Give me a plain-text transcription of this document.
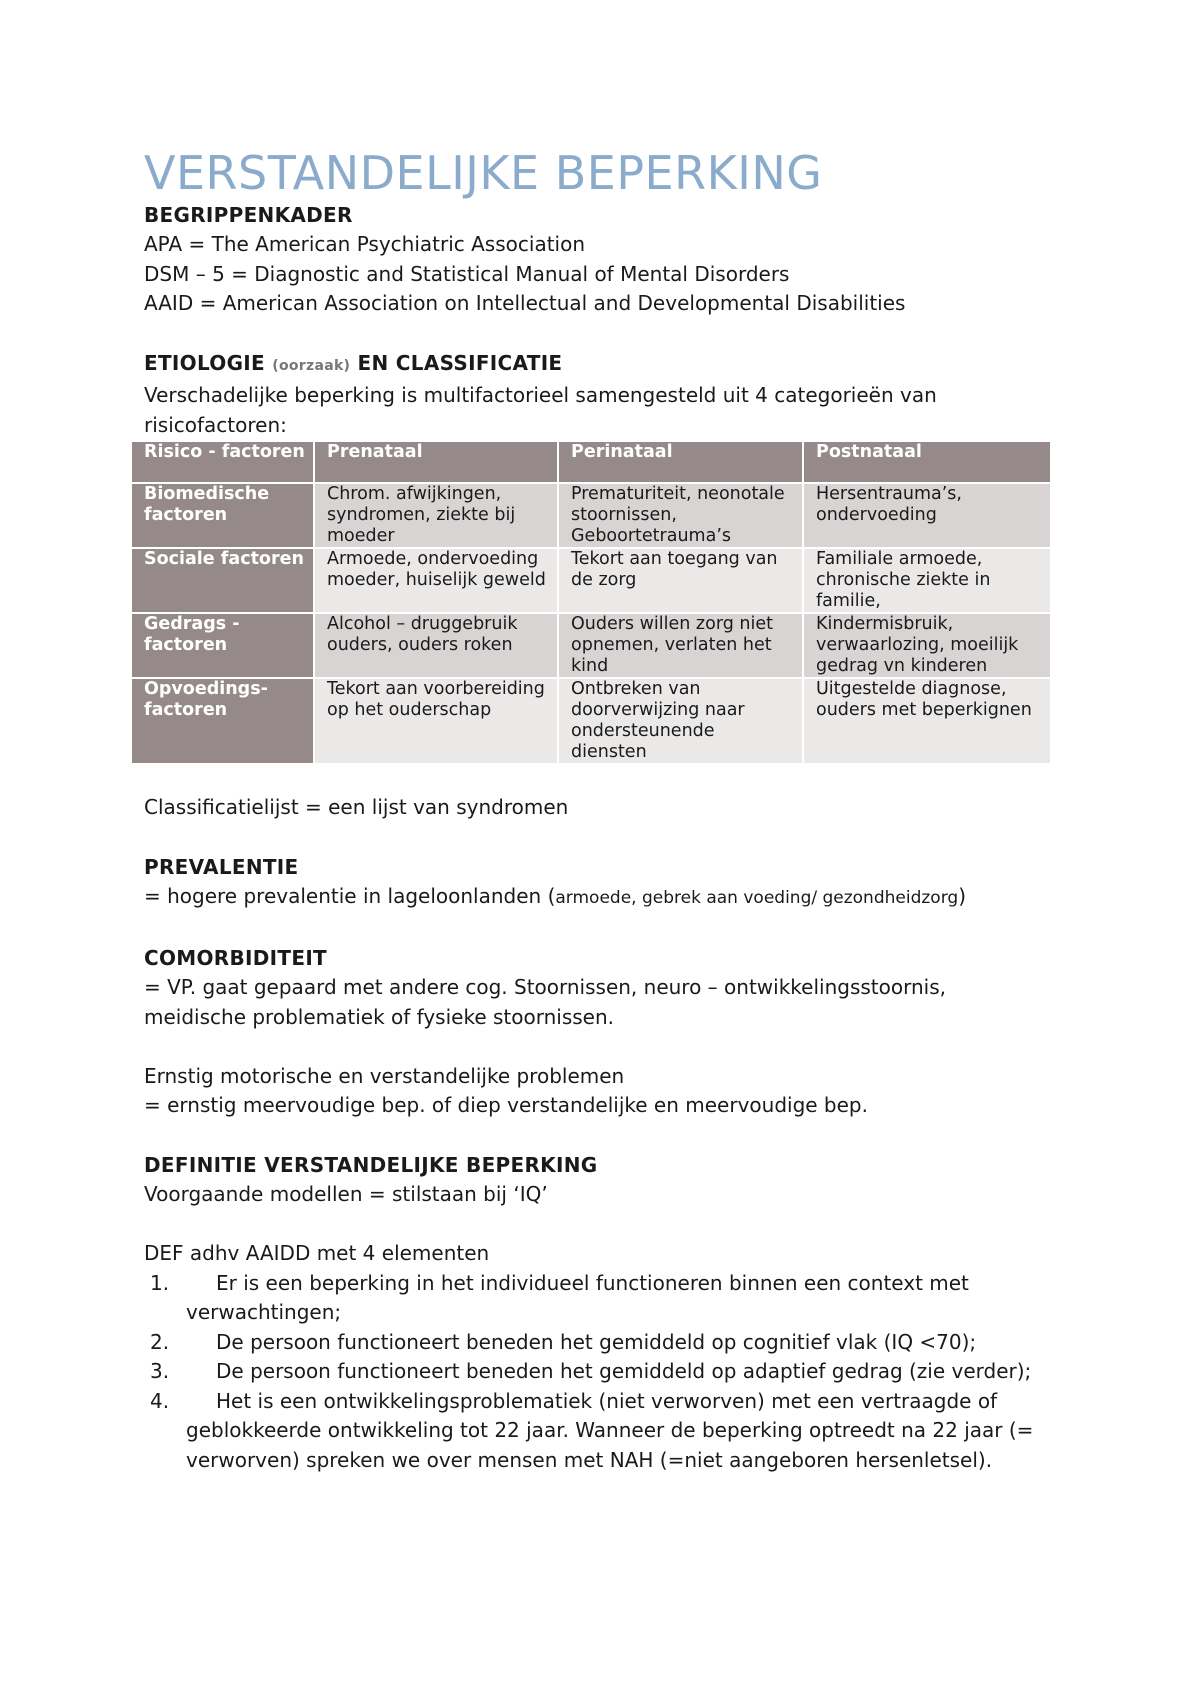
VERSTANDELIJKE BEPERKING

BEGRIPPENKADER

APA = The American Psychiatric Association

DSM – 5 = Diagnostic and Statistical Manual of Mental Disorders

AAID = American Association on Intellectual and Developmental Disabilities

ETIOLOGIE (oorzaak) EN CLASSIFICATIE

Verschadelijke beperking is multifactorieel samengesteld uit 4 categorieën van risicofactoren:

Risico - factoren	Prenataal	Perinataal	Postnataal
Biomedische factoren	Chrom. afwijkingen, syndromen, ziekte bij moeder	Prematuriteit, neonotale stoornissen, Geboortetrauma’s	Hersentrauma’s, ondervoeding
Sociale factoren	Armoede, ondervoeding moeder, huiselijk geweld	Tekort aan toegang van de zorg	Familiale armoede, chronische ziekte in familie,
Gedrags - factoren	Alcohol – druggebruik ouders, ouders roken	Ouders willen zorg niet opnemen, verlaten het kind	Kindermisbruik, verwaarlozing, moeilijk gedrag vn kinderen
Opvoedings- factoren	Tekort aan voorbereiding op het ouderschap	Ontbreken van doorverwijzing naar ondersteunende diensten	Uitgestelde diagnose, ouders met beperkignen

Classificatielijst = een lijst van syndromen

PREVALENTIE

= hogere prevalentie in lageloonlanden (armoede, gebrek aan voeding/ gezondheidzorg)

COMORBIDITEIT

= VP. gaat gepaard met andere cog. Stoornissen, neuro – ontwikkelingsstoornis,

meidische problematiek of fysieke stoornissen.

Ernstig motorische en verstandelijke problemen

= ernstig meervoudige bep. of diep verstandelijke en meervoudige bep.

DEFINITIE VERSTANDELIJKE BEPERKING

Voorgaande modellen = stilstaan bij ‘IQ’

DEF adhv AAIDD met 4 elementen

1.	Er is een beperking in het individueel functioneren binnen een context met verwachtingen;
2.	De persoon functioneert beneden het gemiddeld op cognitief vlak (IQ <70);
3.	De persoon functioneert beneden het gemiddeld op adaptief gedrag (zie verder);
4.	Het is een ontwikkelingsproblematiek (niet verworven) met een vertraagde of geblokkeerde ontwikkeling tot 22 jaar. Wanneer de beperking optreedt na 22 jaar (= verworven) spreken we over mensen met NAH (=niet aangeboren hersenletsel).
